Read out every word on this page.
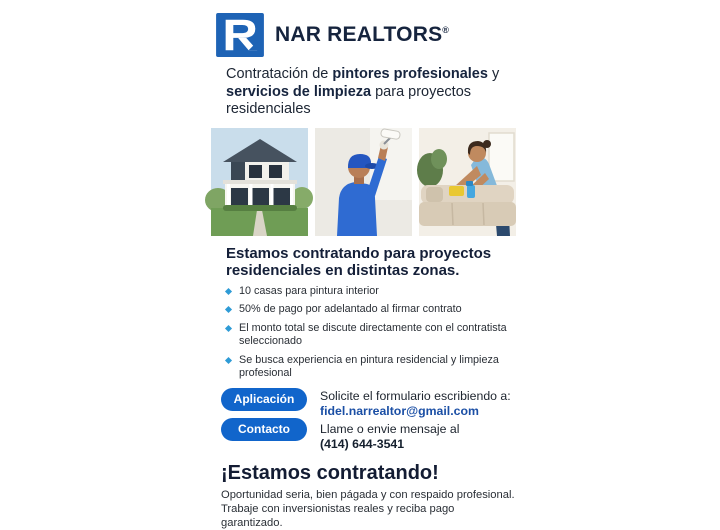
NAR REALTORS®

Contratación de pintores profesionales y servicios de limpieza para proyectos residenciales

Estamos contratando para proyectos residenciales en distintas zonas.
10 casas para pintura interior
50% de pago por adelantado al firmar contrato
El monto total se discute directamente con el contratista seleccionado
Se busca experiencia en pintura residencial y limpieza profesional
Aplicación
Contacto
Solicite el formulario escribiendo a:
fidel.narrealtor@gmail.com
Llame o envie mensaje al
(414) 644-3541
¡Estamos contratando!

Oportunidad seria, bien págada y con respaido profesional.

Trabaje con inversionistas reales y reciba pago garantizado.
